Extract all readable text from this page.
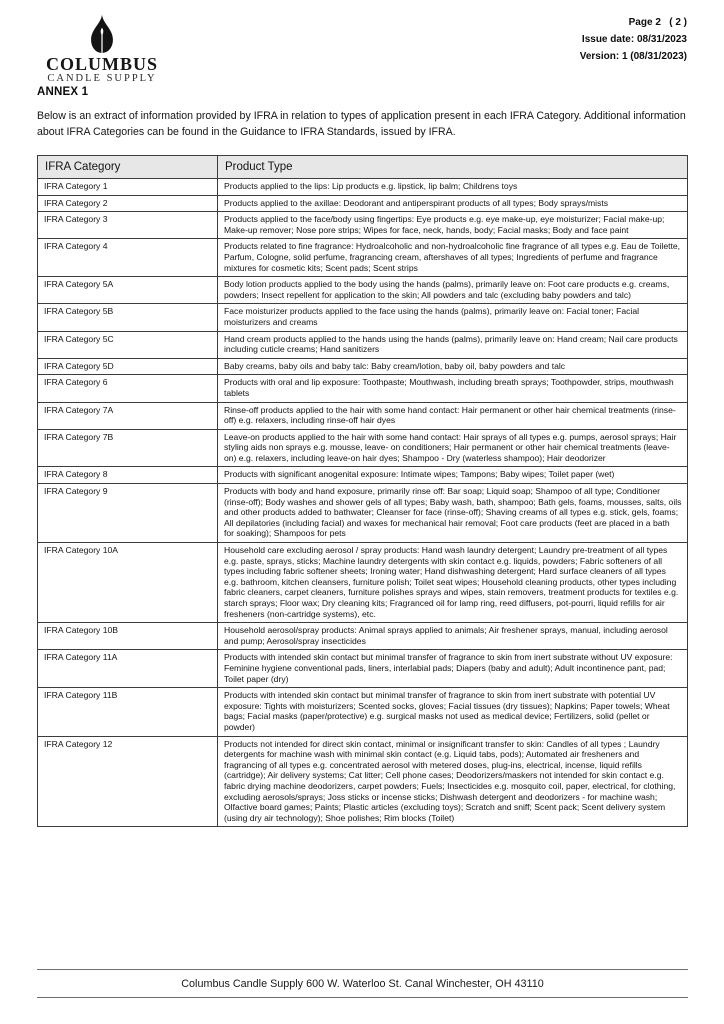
COLUMBUS
CANDLE SUPPLY
Page 2   ( 2 )
Issue date: 08/31/2023
Version: 1 (08/31/2023)
ANNEX 1
Below is an extract of information provided by IFRA in relation to types of application present in each IFRA Category. Additional information about IFRA Categories can be found in the Guidance to IFRA Standards, issued by IFRA.
IFRA Category	Product Type
IFRA Category 1	Products applied to the lips: Lip products e.g. lipstick, lip balm; Childrens toys
IFRA Category 2	Products applied to the axillae: Deodorant and antiperspirant products of all types; Body sprays/mists
IFRA Category 3	Products applied to the face/body using fingertips: Eye products e.g. eye make-up, eye moisturizer; Facial make-up; Make-up remover; Nose pore strips; Wipes for face, neck, hands, body; Facial masks; Body and face paint
IFRA Category 4	Products related to fine fragrance: Hydroalcoholic and non-hydroalcoholic fine fragrance of all types e.g. Eau de Toilette, Parfum, Cologne, solid perfume, fragrancing cream, aftershaves of all types; Ingredients of perfume and fragrance mixtures for cosmetic kits; Scent pads; Scent strips
IFRA Category 5A	Body lotion products applied to the body using the hands (palms), primarily leave on: Foot care products e.g. creams, powders; Insect repellent for application to the skin; All powders and talc (excluding baby powders and talc)
IFRA Category 5B	Face moisturizer products applied to the face using the hands (palms), primarily leave on: Facial toner; Facial moisturizers and creams
IFRA Category 5C	Hand cream products applied to the hands using the hands (palms), primarily leave on: Hand cream; Nail care products including cuticle creams; Hand sanitizers
IFRA Category 5D	Baby creams, baby oils and baby talc: Baby cream/lotion, baby oil, baby powders and talc
IFRA Category 6	Products with oral and lip exposure: Toothpaste; Mouthwash, including breath sprays; Toothpowder, strips, mouthwash tablets
IFRA Category 7A	Rinse-off products applied to the hair with some hand contact: Hair permanent or other hair chemical treatments (rinse-off) e.g. relaxers, including rinse-off hair dyes
IFRA Category 7B	Leave-on products applied to the hair with some hand contact: Hair sprays of all types e.g. pumps, aerosol sprays; Hair styling aids non sprays e.g. mousse, leave- on conditioners; Hair permanent or other hair chemical treatments (leave-on) e.g. relaxers, including leave-on hair dyes; Shampoo - Dry (waterless shampoo); Hair deodorizer
IFRA Category 8	Products with significant anogenital exposure: Intimate wipes; Tampons; Baby wipes; Toilet paper (wet)
IFRA Category 9	Products with body and hand exposure, primarily rinse off: Bar soap; Liquid soap; Shampoo of all type; Conditioner (rinse-off); Body washes and shower gels of all types; Baby wash, bath, shampoo; Bath gels, foams, mousses, salts, oils and other products added to bathwater; Cleanser for face (rinse-off); Shaving creams of all types e.g. stick, gels, foams; All depilatories (including facial) and waxes for mechanical hair removal; Foot care products (feet are placed in a bath for soaking); Shampoos for pets
IFRA Category 10A	Household care excluding aerosol / spray products: Hand wash laundry detergent; Laundry pre-treatment of all types e.g. paste, sprays, sticks; Machine laundry detergents with skin contact e.g. liquids, powders; Fabric softeners of all types including fabric softener sheets; Ironing water; Hand dishwashing detergent; Hard surface cleaners of all types e.g. bathroom, kitchen cleansers, furniture polish; Toilet seat wipes; Household cleaning products, other types including fabric cleaners, carpet cleaners, furniture polishes sprays and wipes, stain removers, treatment products for textiles e.g. starch sprays; Floor wax; Dry cleaning kits; Fragranced oil for lamp ring, reed diffusers, pot-pourri, liquid refills for air fresheners (non-cartridge systems), etc.
IFRA Category 10B	Household aerosol/spray products: Animal sprays applied to animals; Air freshener sprays, manual, including aerosol and pump; Aerosol/spray insecticides
IFRA Category 11A	Products with intended skin contact but minimal transfer of fragrance to skin from inert substrate without UV exposure: Feminine hygiene conventional pads, liners, interlabial pads; Diapers (baby and adult); Adult incontinence pant, pad; Toilet paper (dry)
IFRA Category 11B	Products with intended skin contact but minimal transfer of fragrance to skin from inert substrate with potential UV exposure: Tights with moisturizers; Scented socks, gloves; Facial tissues (dry tissues); Napkins; Paper towels; Wheat bags; Facial masks (paper/protective) e.g. surgical masks not used as medical device; Fertilizers, solid (pellet or powder)
IFRA Category 12	Products not intended for direct skin contact, minimal or insignificant transfer to skin: Candles of all types ; Laundry detergents for machine wash with minimal skin contact (e.g. Liquid tabs, pods); Automated air fresheners and fragrancing of all types e.g. concentrated aerosol with metered doses, plug-ins, electrical, incense, liquid refills (cartridge); Air delivery systems; Cat litter; Cell phone cases; Deodorizers/maskers not intended for skin contact e.g. fabric drying machine deodorizers, carpet powders; Fuels; Insecticides e.g. mosquito coil, paper, electrical, for clothing, excluding aerosols/sprays; Joss sticks or incense sticks; Dishwash detergent and deodorizers - for machine wash; Olfactive board games; Paints; Plastic articles (excluding toys); Scratch and sniff; Scent pack; Scent delivery system (using dry air technology); Shoe polishes; Rim blocks (Toilet)
Columbus Candle Supply 600 W. Waterloo St. Canal Winchester, OH 43110
